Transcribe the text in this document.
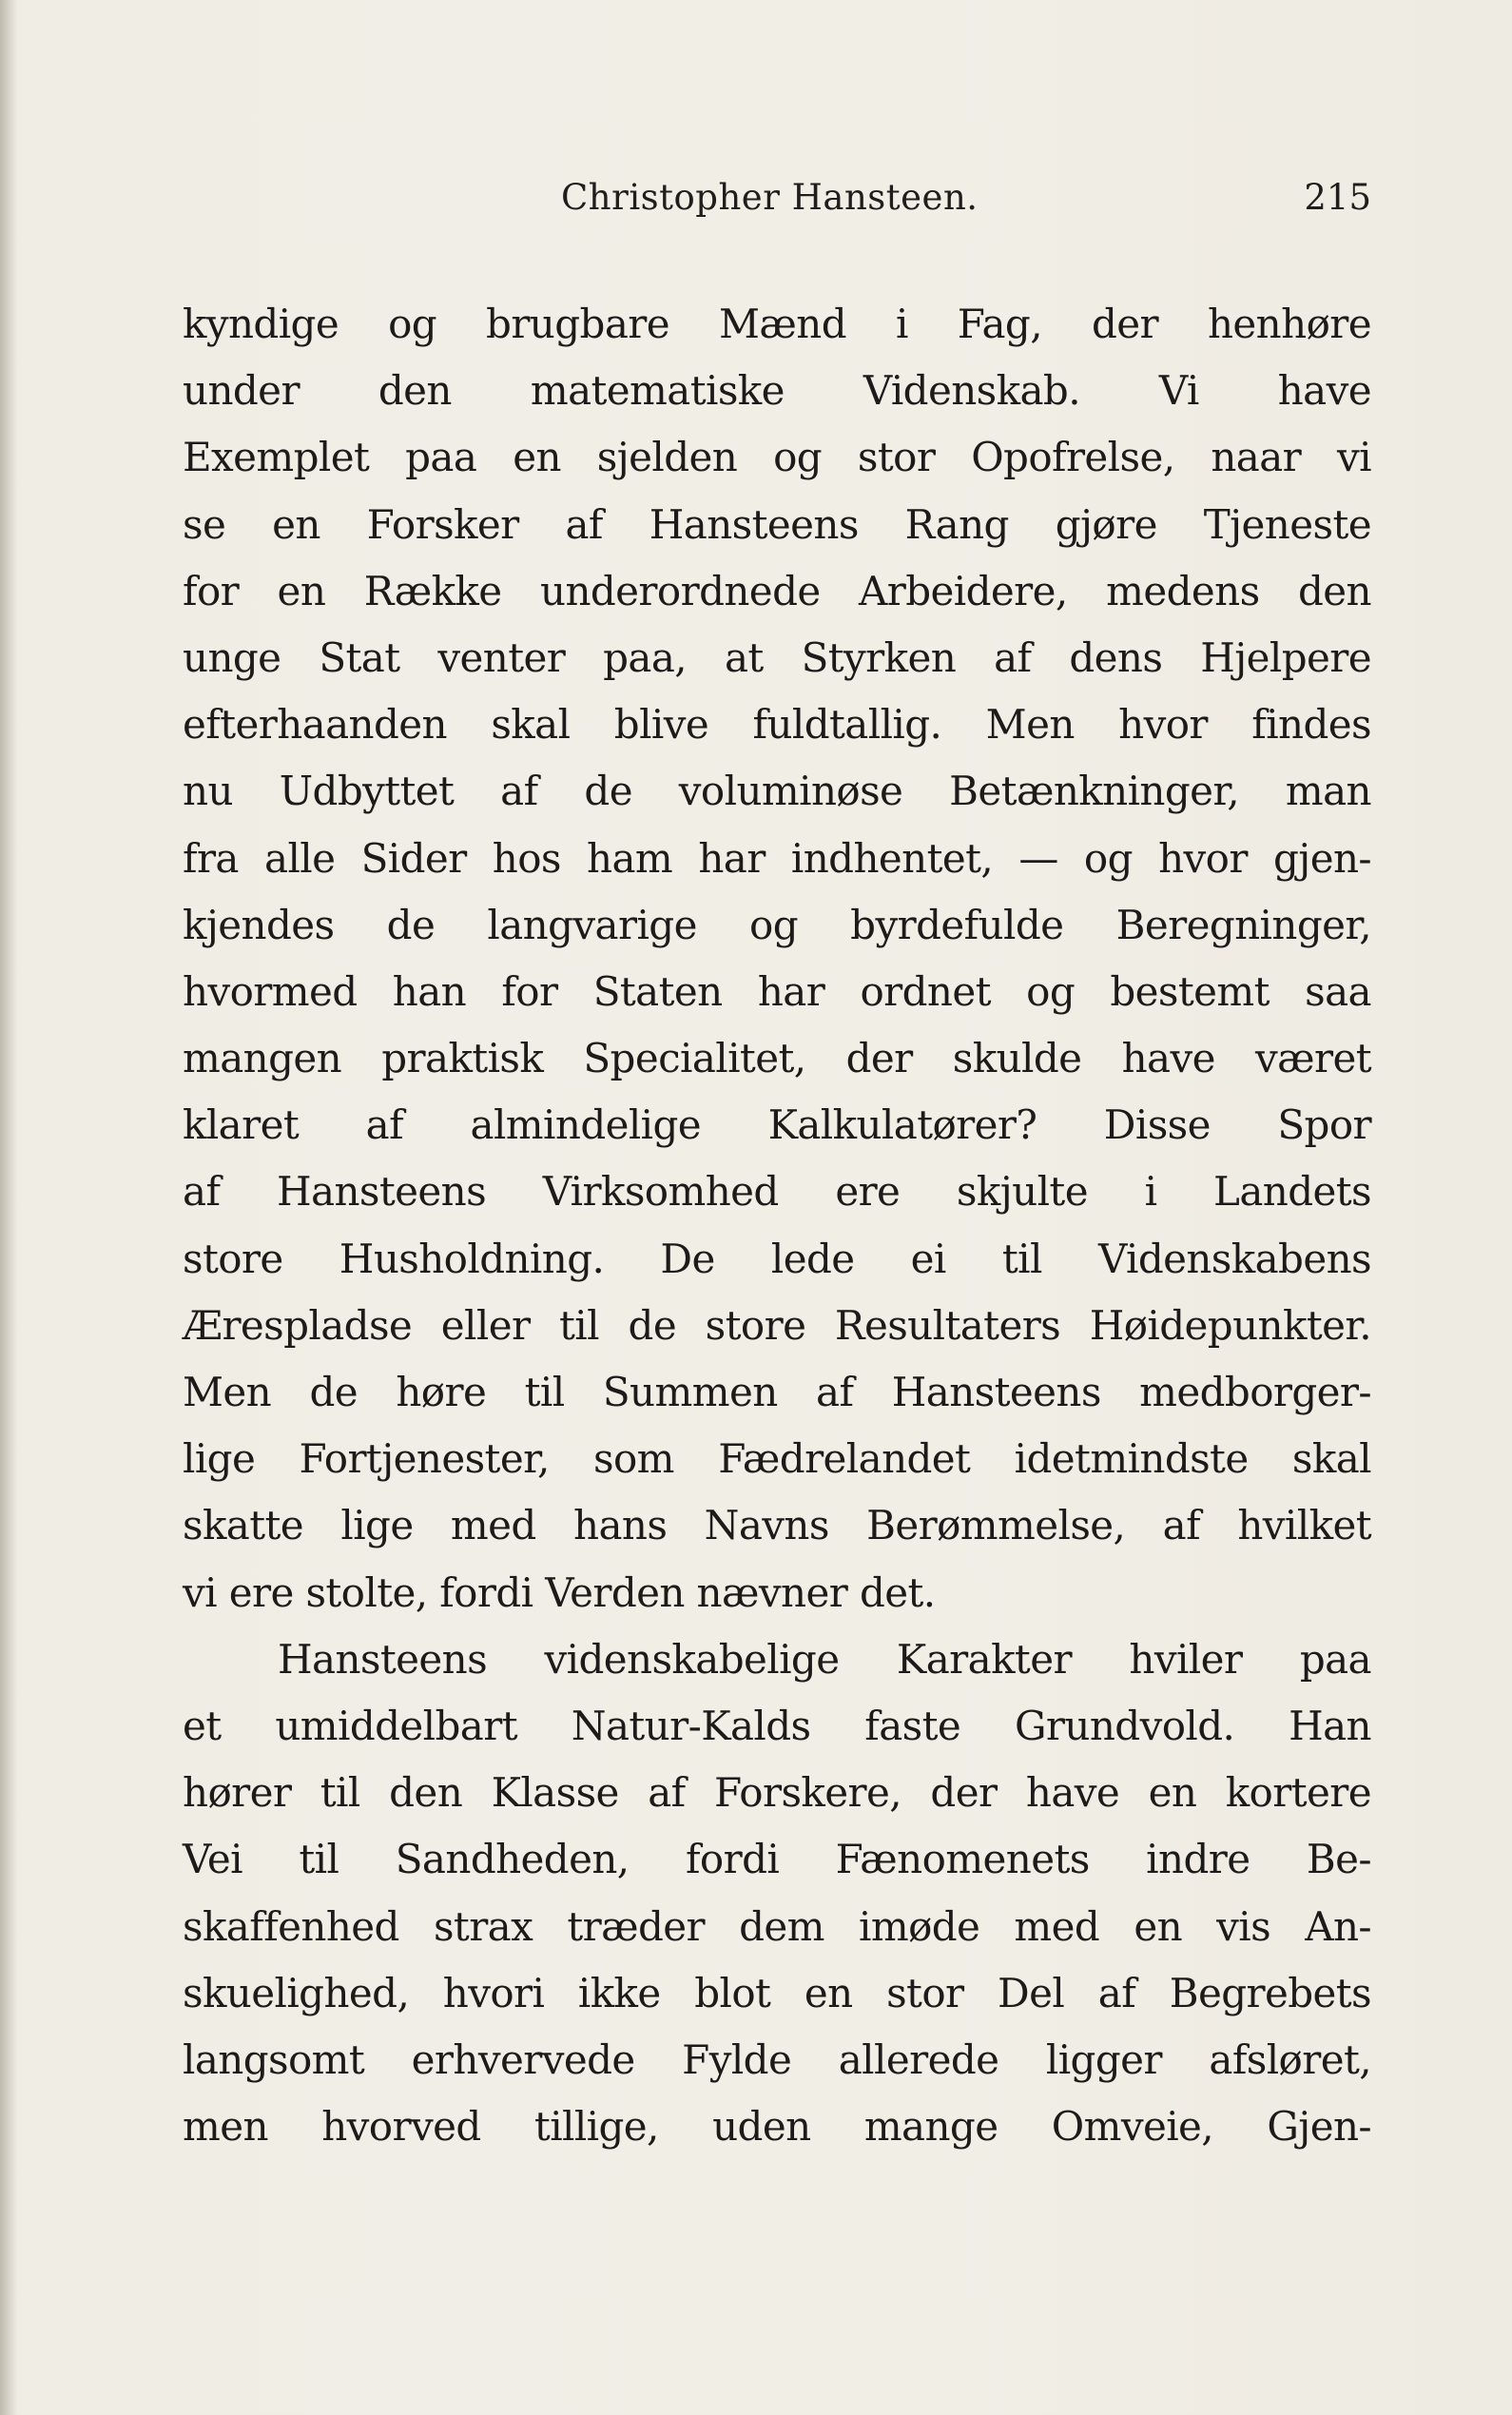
Christopher Hansteen.	215
kyndige og brugbare Mænd i Fag, der henhøre
under den matematiske Videnskab. Vi have
Exemplet paa en sjelden og stor Opofrelse, naar vi
se en Forsker af Hansteens Rang gjøre Tjeneste
for en Række underordnede Arbeidere, medens den
unge Stat venter paa, at Styrken af dens Hjelpere
efterhaanden skal blive fuldtallig. Men hvor findes
nu Udbyttet af de voluminøse Betænkninger, man
fra alle Sider hos ham har indhentet, — og hvor gjen-
kjendes de langvarige og byrdefulde Beregninger,
hvormed han for Staten har ordnet og bestemt saa
mangen praktisk Specialitet, der skulde have været
klaret af almindelige Kalkulatører? Disse Spor
af Hansteens Virksomhed ere skjulte i Landets
store Husholdning. De lede ei til Videnskabens
Ærespladse eller til de store Resultaters Høidepunkter.
Men de høre til Summen af Hansteens medborger-
lige Fortjenester, som Fædrelandet idetmindste skal
skatte lige med hans Navns Berømmelse, af hvilket
vi ere stolte, fordi Verden nævner det.
Hansteens videnskabelige Karakter hviler paa
et umiddelbart Natur-Kalds faste Grundvold. Han
hører til den Klasse af Forskere, der have en kortere
Vei til Sandheden, fordi Fænomenets indre Be-
skaffenhed strax træder dem imøde med en vis An-
skuelighed, hvori ikke blot en stor Del af Begrebets
langsomt erhvervede Fylde allerede ligger afsløret,
men hvorved tillige, uden mange Omveie, Gjen-
